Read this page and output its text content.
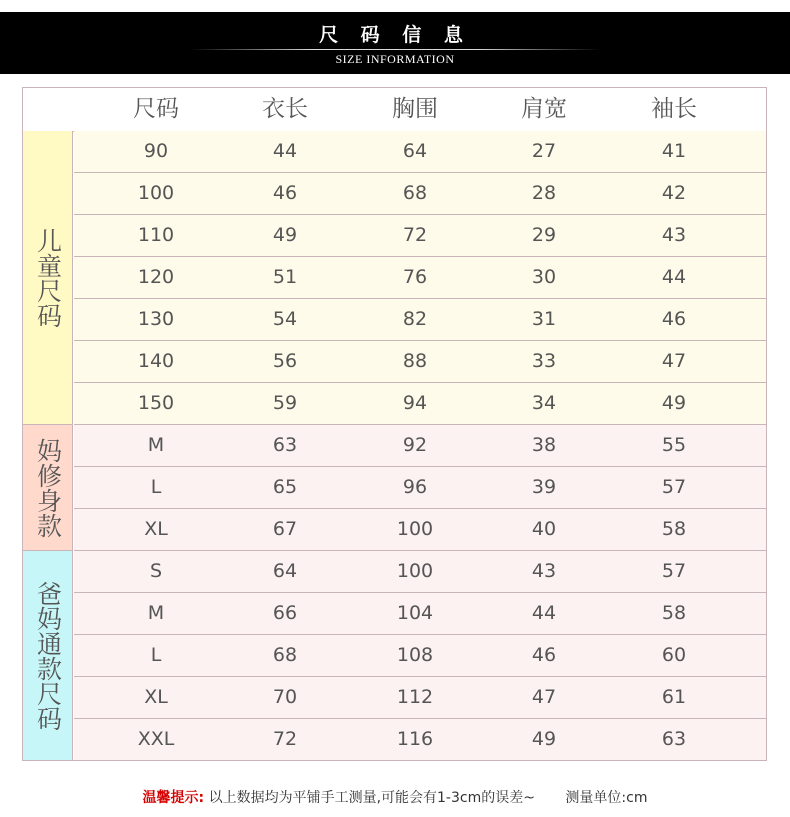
尺 码 信 息
SIZE INFORMATION
尺码	衣长	胸围	肩宽	袖长
儿童尺码
90	44	64	27	41
100	46	68	28	42
110	49	72	29	43
120	51	76	30	44
130	54	82	31	46
140	56	88	33	47
150	59	94	34	49
妈修身款	M	63	92	38	55
L	65	96	39	57
XL	67	100	40	58
爸妈通款尺码
S	64	100	43	57
M	66	104	44	58
L	68	108	46	60
XL	70	112	47	61
XXL	72	116	49	63
温馨提示: 以上数据均为平铺手工测量,可能会有1-3cm的误差~ 测量单位:cm
